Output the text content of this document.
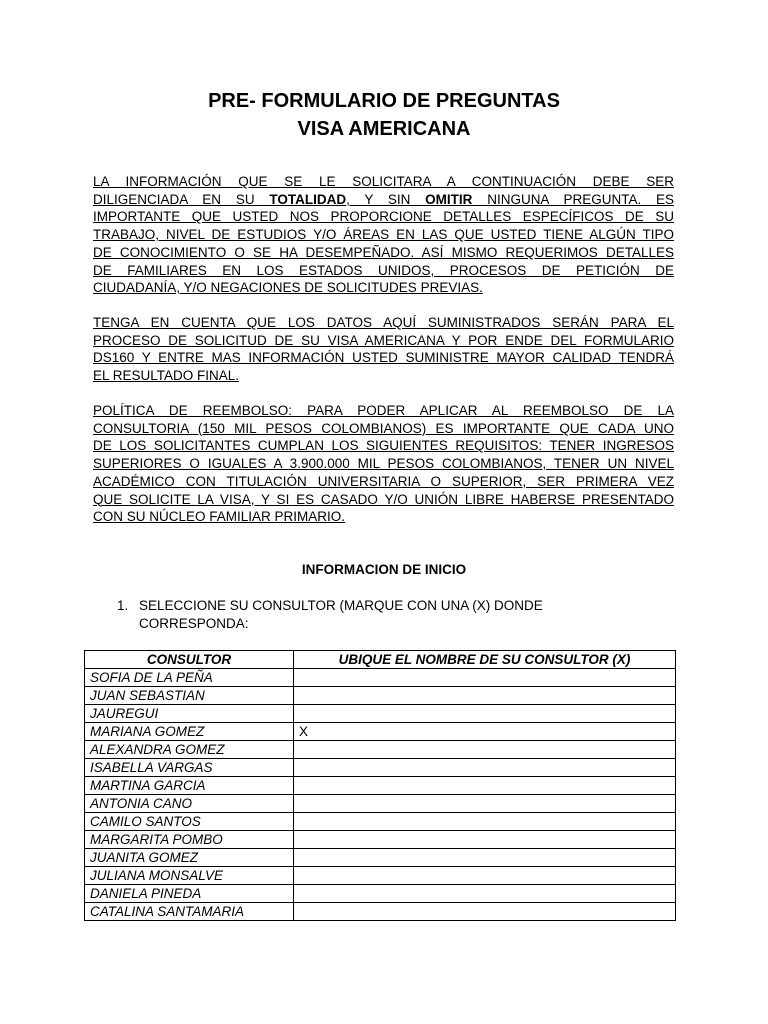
PRE- FORMULARIO DE PREGUNTAS
VISA AMERICANA
LA INFORMACIÓN QUE SE LE SOLICITARA A CONTINUACIÓN DEBE SER
DILIGENCIADA EN SU TOTALIDAD, Y SIN OMITIR NINGUNA PREGUNTA. ES
IMPORTANTE QUE USTED NOS PROPORCIONE DETALLES ESPECÍFICOS DE SU
TRABAJO, NIVEL DE ESTUDIOS Y/O ÁREAS EN LAS QUE USTED TIENE ALGÚN TIPO
DE CONOCIMIENTO O SE HA DESEMPEÑADO. ASÍ MISMO REQUERIMOS DETALLES
DE FAMILIARES EN LOS ESTADOS UNIDOS, PROCESOS DE PETICIÓN DE
CIUDADANÍA, Y/O NEGACIONES DE SOLICITUDES PREVIAS.
TENGA EN CUENTA QUE LOS DATOS AQUÍ SUMINISTRADOS SERÁN PARA EL
PROCESO DE SOLICITUD DE SU VISA AMERICANA Y POR ENDE DEL FORMULARIO
DS160 Y ENTRE MAS INFORMACIÓN USTED SUMINISTRE MAYOR CALIDAD TENDRÁ
EL RESULTADO FINAL.
POLÍTICA DE REEMBOLSO: PARA PODER APLICAR AL REEMBOLSO DE LA
CONSULTORIA (150 MIL PESOS COLOMBIANOS) ES IMPORTANTE QUE CADA UNO
DE LOS SOLICITANTES CUMPLAN LOS SIGUIENTES REQUISITOS: TENER INGRESOS
SUPERIORES O IGUALES A 3.900.000 MIL PESOS COLOMBIANOS, TENER UN NIVEL
ACADÉMICO CON TITULACIÓN UNIVERSITARIA O SUPERIOR, SER PRIMERA VEZ
QUE SOLICITE LA VISA, Y SI ES CASADO Y/O UNIÓN LIBRE HABERSE PRESENTADO
CON SU NÚCLEO FAMILIAR PRIMARIO.
INFORMACION DE INICIO
1. SELECCIONE SU CONSULTOR (MARQUE CON UNA (X) DONDE
CORRESPONDA:
CONSULTOR	UBIQUE EL NOMBRE DE SU CONSULTOR (X)
SOFIA DE LA PEÑA	
JUAN SEBASTIAN	
JAUREGUI	
MARIANA GOMEZ	X
ALEXANDRA GOMEZ	
ISABELLA VARGAS	
MARTINA GARCIA	
ANTONIA CANO	
CAMILO SANTOS	
MARGARITA POMBO	
JUANITA GOMEZ	
JULIANA MONSALVE	
DANIELA PINEDA	
CATALINA SANTAMARIA	
